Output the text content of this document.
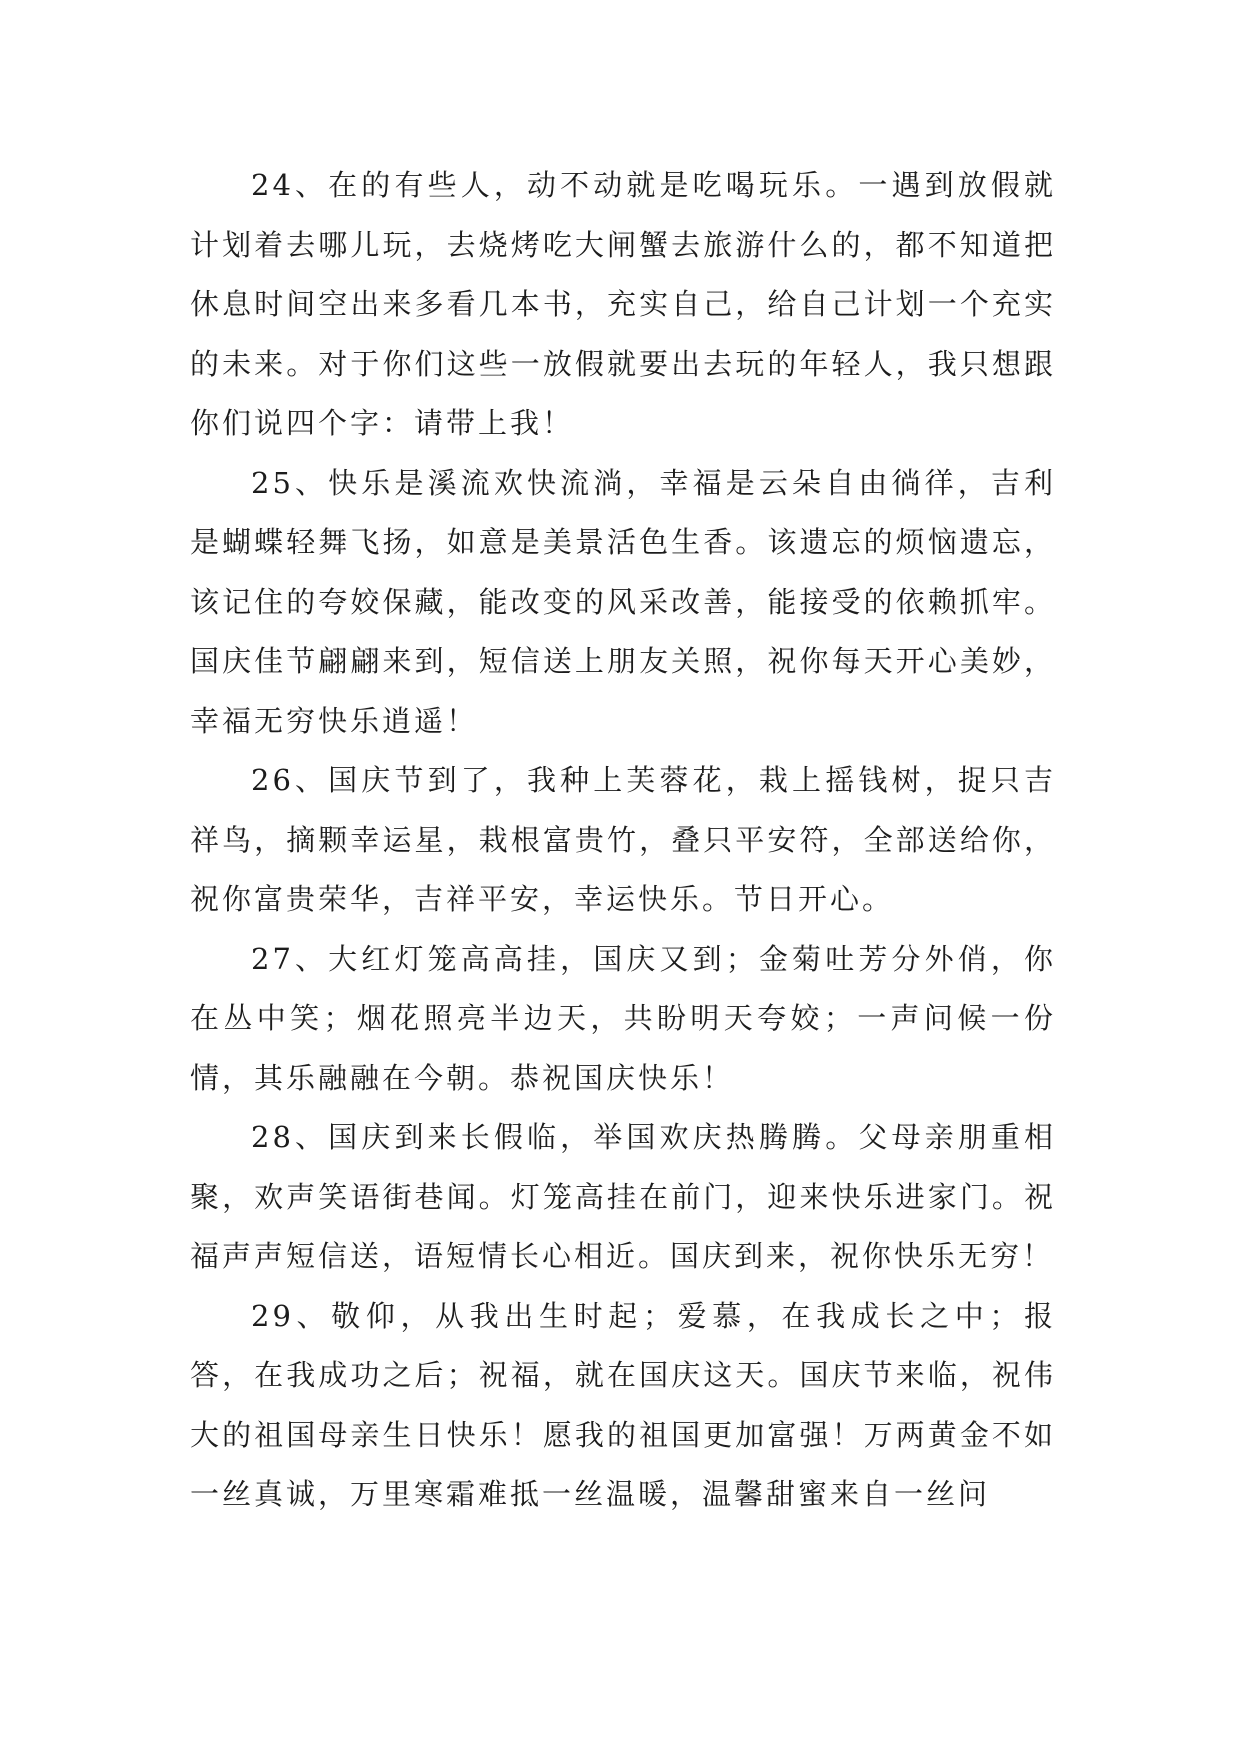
24、在的有些人，动不动就是吃喝玩乐。一遇到放假就计划着去哪儿玩，去烧烤吃大闸蟹去旅游什么的，都不知道把休息时间空出来多看几本书，充实自己，给自己计划一个充实的未来。对于你们这些一放假就要出去玩的年轻人，我只想跟你们说四个字：请带上我！

25、快乐是溪流欢快流淌，幸福是云朵自由徜徉，吉利是蝴蝶轻舞飞扬，如意是美景活色生香。该遗忘的烦恼遗忘，该记住的夸姣保藏，能改变的风采改善，能接受的依赖抓牢。国庆佳节翩翩来到，短信送上朋友关照，祝你每天开心美妙，幸福无穷快乐逍遥！

26、国庆节到了，我种上芙蓉花，栽上摇钱树，捉只吉祥鸟，摘颗幸运星，栽根富贵竹，叠只平安符，全部送给你，祝你富贵荣华，吉祥平安，幸运快乐。节日开心。

27、大红灯笼高高挂，国庆又到；金菊吐芳分外俏，你在丛中笑；烟花照亮半边天，共盼明天夸姣；一声问候一份情，其乐融融在今朝。恭祝国庆快乐！

28、国庆到来长假临，举国欢庆热腾腾。父母亲朋重相聚，欢声笑语街巷闻。灯笼高挂在前门，迎来快乐进家门。祝福声声短信送，语短情长心相近。国庆到来，祝你快乐无穷！

29、敬仰，从我出生时起；爱慕，在我成长之中；报答，在我成功之后；祝福，就在国庆这天。国庆节来临，祝伟大的祖国母亲生日快乐！愿我的祖国更加富强！万两黄金不如一丝真诚，万里寒霜难抵一丝温暖，温馨甜蜜来自一丝问
